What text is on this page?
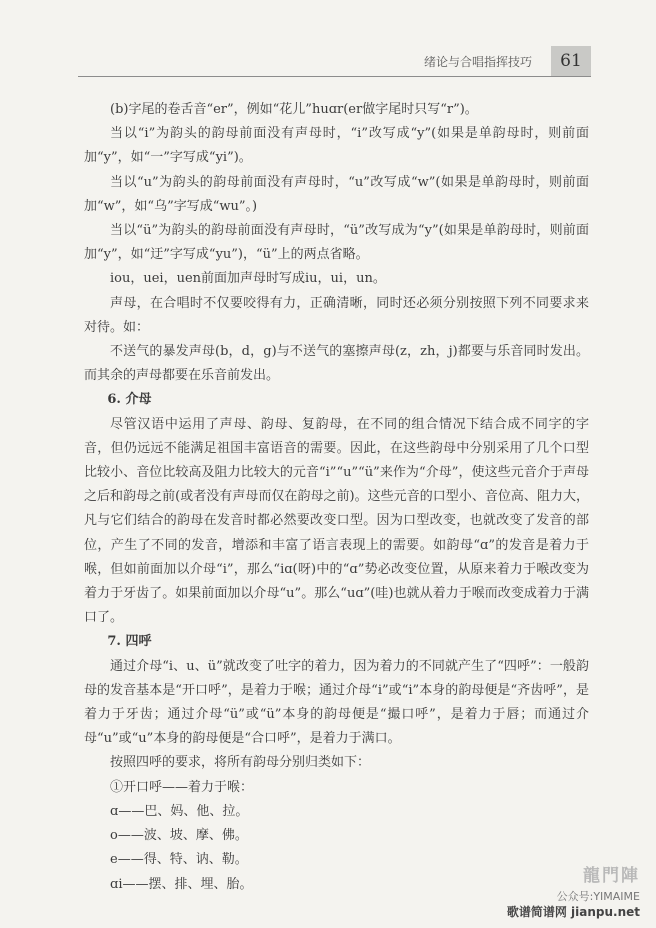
绪论与合唱指挥技巧	61

(b)字尾的卷舌音“er”，例如“花儿”huɑr(er做字尾时只写“r”)。

当以“i”为韵头的韵母前面没有声母时，“i”改写成“y”(如果是单韵母时，则前面加“y”，如“一”字写成“yi”)。

当以“u”为韵头的韵母前面没有声母时，“u”改写成“w”(如果是单韵母时，则前面加“w”，如“乌”字写成“wu”。)

当以“ü”为韵头的韵母前面没有声母时，“ü”改写成为“y”(如果是单韵母时，则前面加“y”，如“迂”字写成“yu”)，“ü”上的两点省略。

iou，uei，uen前面加声母时写成iu，ui，un。

声母，在合唱时不仅要咬得有力，正确清晰，同时还必须分别按照下列不同要求来对待。如：

不送气的暴发声母(b，d，g)与不送气的塞擦声母(z，zh，j)都要与乐音同时发出。而其余的声母都要在乐音前发出。

6. 介母

尽管汉语中运用了声母、韵母、复韵母，在不同的组合情况下结合成不同字的字音，但仍远远不能满足祖国丰富语音的需要。因此，在这些韵母中分别采用了几个口型比较小、音位比较高及阻力比较大的元音“i”“u”“ü”来作为“介母”，使这些元音介于声母之后和韵母之前(或者没有声母而仅在韵母之前)。这些元音的口型小、音位高、阻力大，凡与它们结合的韵母在发音时都必然要改变口型。因为口型改变，也就改变了发音的部位，产生了不同的发音，增添和丰富了语言表现上的需要。如韵母“ɑ”的发音是着力于喉，但如前面加以介母“i”，那么“iɑ(呀)中的“ɑ”势必改变位置，从原来着力于喉改变为着力于牙齿了。如果前面加以介母“u”。那么“uɑ”(哇)也就从着力于喉而改变成着力于满口了。

7. 四呼

通过介母“i、u、ü”就改变了吐字的着力，因为着力的不同就产生了“四呼”：一般韵母的发音基本是“开口呼”，是着力于喉；通过介母“i”或“i”本身的韵母便是“齐齿呼”，是着力于牙齿；通过介母“ü”或“ü”本身的韵母便是“撮口呼”，是着力于唇；而通过介母“u”或“u”本身的韵母便是“合口呼”，是着力于满口。

按照四呼的要求，将所有韵母分别归类如下：

①开口呼——着力于喉：

ɑ——巴、妈、他、拉。

o——波、坡、摩、佛。

e——得、特、讷、勒。

ɑi——摆、排、埋、胎。	龍門陣
公众号:YIMAIME
歌谱简谱网 jianpu.net
